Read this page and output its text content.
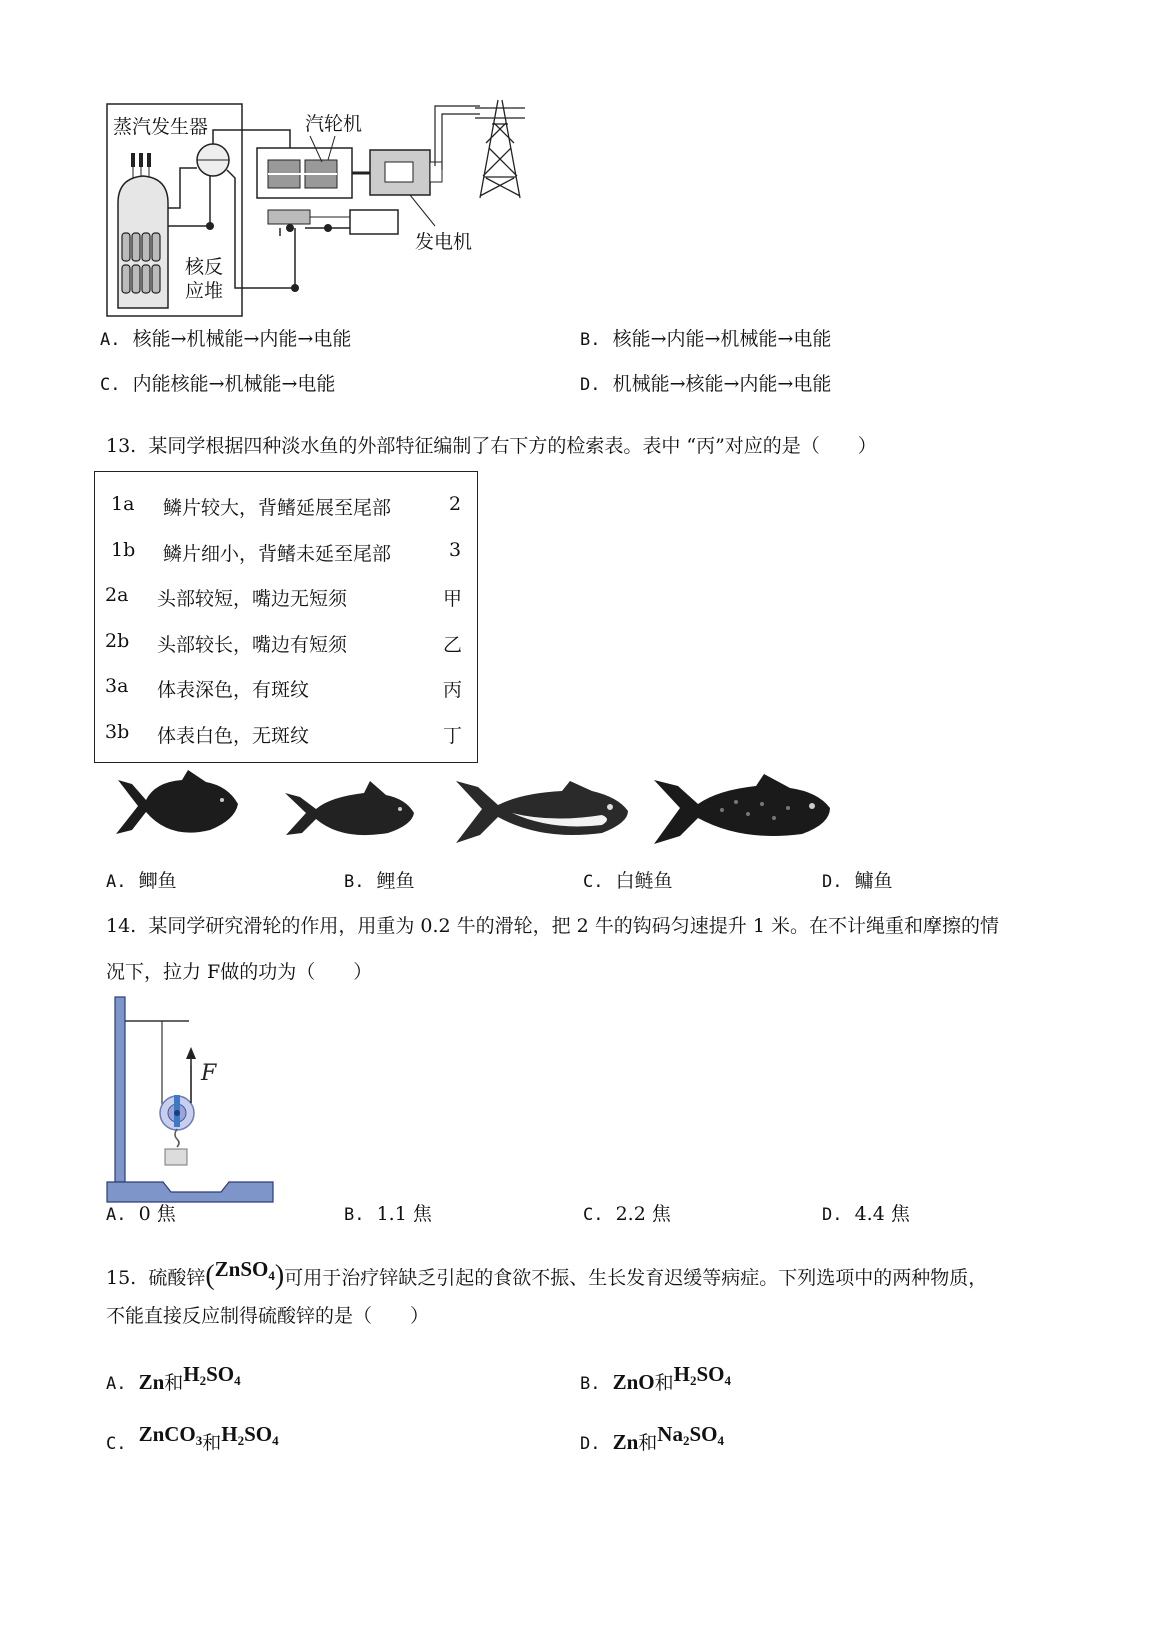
蒸汽发生器
核反
应堆
汽轮机
发电机
A. 核能→机械能→内能→电能	B. 核能→内能→机械能→电能
C. 内能核能→机械能→电能	D. 机械能→核能→内能→电能
13. 某同学根据四种淡水鱼的外部特征编制了右下方的检索表。表中 “丙”对应的是（　　）
1a 鳞片较大，背鳍延展至尾部	2
1b 鳞片细小，背鳍未延至尾部	3
2a 头部较短，嘴边无短须	甲
2b 头部较长，嘴边有短须	乙
3a 体表深色，有斑纹	丙
3b 体表白色，无斑纹	丁
A. 鲫鱼	B. 鲤鱼	C. 白鲢鱼	D. 鳙鱼
14. 某同学研究滑轮的作用，用重为 0.2 牛的滑轮，把 2 牛的钩码匀速提升 1 米。在不计绳重和摩擦的情
况下，拉力 F做的功为（　　）
F
A. 0 焦	B. 1.1 焦	C. 2.2 焦	D. 4.4 焦
15. 硫酸锌(ZnSO$_4$)可用于治疗锌缺乏引起的食欲不振、生长发育迟缓等病症。下列选项中的两种物质，
不能直接反应制得硫酸锌的是（　　）
A. Zn和$H_2SO_4$	B. ZnO和$H_2SO_4$
C. ZnCO$_3$和$H_2SO_4$	D. Zn和$Na_2SO_4$
